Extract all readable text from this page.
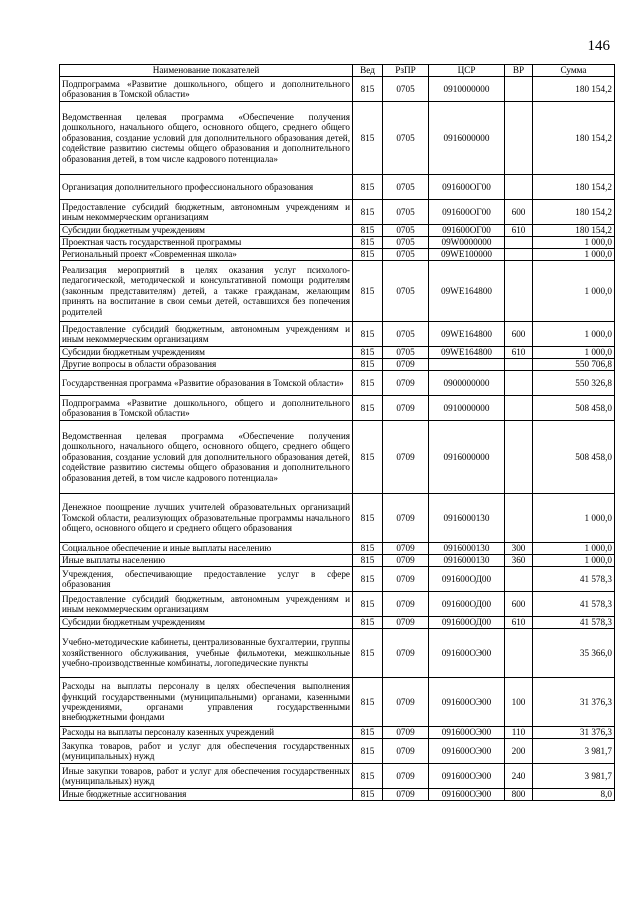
146
Наименование показателей	Вед	РзПР	ЦСР	ВР	Сумма
Подпрограмма «Развитие дошкольного, общего и дополнительного образования в Томской области»	815	0705	0910000000		180 154,2
Ведомственная целевая программа «Обеспечение получения дошкольного, начального общего, основного общего, среднего общего образования, создание условий для дополнительного образования детей, содействие развитию системы общего образования и дополнительного образования детей, в том числе кадрового потенциала»	815	0705	0916000000		180 154,2
Организация дополнительного профессионального образования	815	0705	091600ОГ00		180 154,2
Предоставление субсидий бюджетным, автономным учреждениям и иным некоммерческим организациям	815	0705	091600ОГ00	600	180 154,2
Субсидии бюджетным учреждениям	815	0705	091600ОГ00	610	180 154,2
Проектная часть государственной программы	815	0705	09W0000000		1 000,0
Региональный проект «Современная школа»	815	0705	09WE100000		1 000,0
Реализация мероприятий в целях оказания услуг психолого-педагогической, методической и консультативной помощи родителям (законным представителям) детей, а также гражданам, желающим принять на воспитание в свои семьи детей, оставшихся без попечения родителей	815	0705	09WE164800		1 000,0
Предоставление субсидий бюджетным, автономным учреждениям и иным некоммерческим организациям	815	0705	09WE164800	600	1 000,0
Субсидии бюджетным учреждениям	815	0705	09WE164800	610	1 000,0
Другие вопросы в области образования	815	0709			550 706,8
Государственная программа «Развитие образования в Томской области»	815	0709	0900000000		550 326,8
Подпрограмма «Развитие дошкольного, общего и дополнительного образования в Томской области»	815	0709	0910000000		508 458,0
Ведомственная целевая программа «Обеспечение получения дошкольного, начального общего, основного общего, среднего общего образования, создание условий для дополнительного образования детей, содействие развитию системы общего образования и дополнительного образования детей, в том числе кадрового потенциала»	815	0709	0916000000		508 458,0
Денежное поощрение лучших учителей образовательных организаций Томской области, реализующих образовательные программы начального общего, основного общего и среднего общего образования	815	0709	0916000130		1 000,0
Социальное обеспечение и иные выплаты населению	815	0709	0916000130	300	1 000,0
Иные выплаты населению	815	0709	0916000130	360	1 000,0
Учреждения, обеспечивающие предоставление услуг в сфере образования	815	0709	091600ОД00		41 578,3
Предоставление субсидий бюджетным, автономным учреждениям и иным некоммерческим организациям	815	0709	091600ОД00	600	41 578,3
Субсидии бюджетным учреждениям	815	0709	091600ОД00	610	41 578,3
Учебно-методические кабинеты, централизованные бухгалтерии, группы хозяйственного обслуживания, учебные фильмотеки, межшкольные учебно-производственные комбинаты, логопедические пункты	815	0709	091600ОЭ00		35 366,0
Расходы на выплаты персоналу в целях обеспечения выполнения функций государственными (муниципальными) органами, казенными учреждениями, органами управления государственными внебюджетными фондами	815	0709	091600ОЭ00	100	31 376,3
Расходы на выплаты персоналу казенных учреждений	815	0709	091600ОЭ00	110	31 376,3
Закупка товаров, работ и услуг для обеспечения государственных (муниципальных) нужд	815	0709	091600ОЭ00	200	3 981,7
Иные закупки товаров, работ и услуг для обеспечения государственных (муниципальных) нужд	815	0709	091600ОЭ00	240	3 981,7
Иные бюджетные ассигнования	815	0709	091600ОЭ00	800	8,0
